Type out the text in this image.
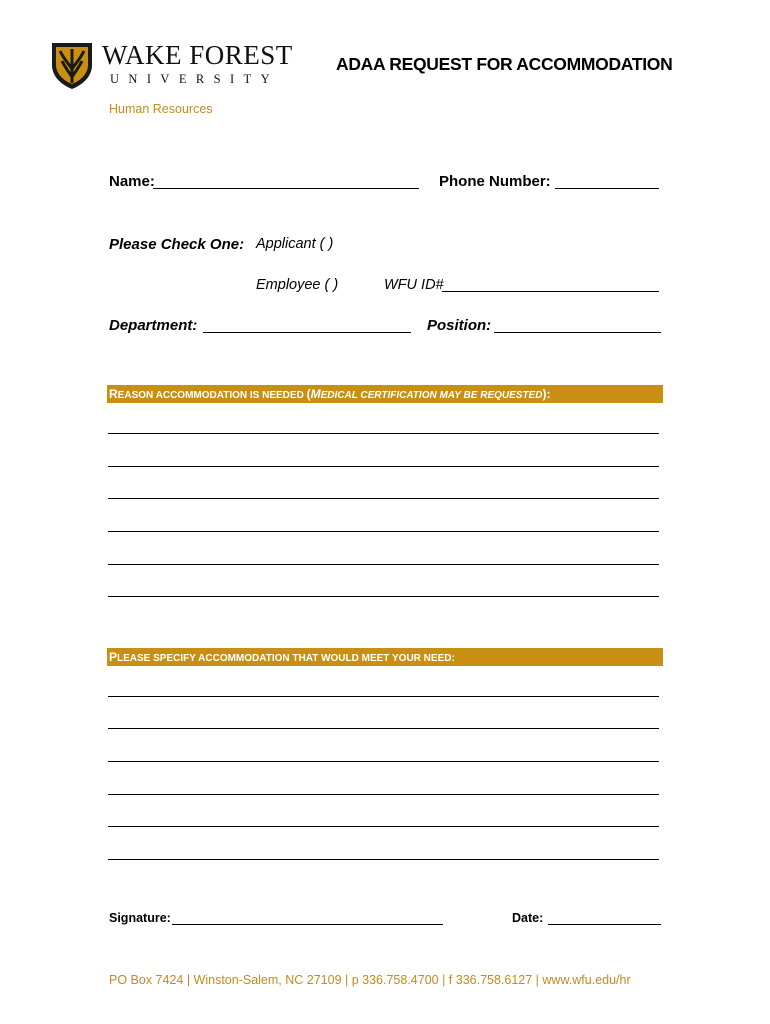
WAKE FOREST
UNIVERSITY
ADAA REQUEST FOR ACCOMMODATION
Human Resources
Name:	Phone Number:
Please Check One: Applicant ( )
Employee ( )	WFU ID#
Department:	Position:
REASON ACCOMMODATION IS NEEDED (MEDICAL CERTIFICATION MAY BE REQUESTED):
PLEASE SPECIFY ACCOMMODATION THAT WOULD MEET YOUR NEED:
Signature:	Date:
PO Box 7424 | Winston-Salem, NC 27109 | p 336.758.4700 | f 336.758.6127 | www.wfu.edu/hr
